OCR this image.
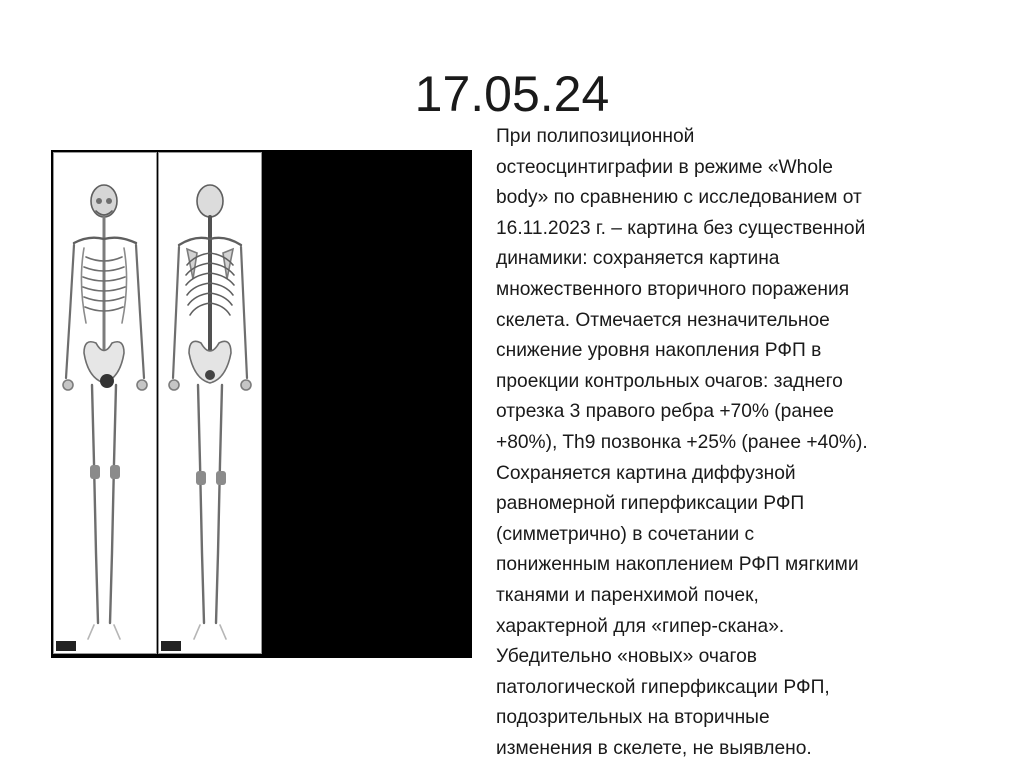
17.05.24

При полипозиционной
остеосцинтиграфии в режиме «Whole
body» по сравнению с исследованием от
16.11.2023 г. – картина без существенной
динамики: сохраняется картина
множественного вторичного поражения
скелета. Отмечается незначительное
снижение уровня накопления РФП в
проекции контрольных очагов: заднего
отрезка 3 правого ребра +70% (ранее
+80%), Th9 позвонка +25% (ранее +40%).
Сохраняется картина диффузной
равномерной гиперфиксации РФП
(симметрично) в сочетании с
пониженным накоплением РФП мягкими
тканями и паренхимой почек,
характерной для «гипер-скана».
Убедительно «новых» очагов
патологической гиперфиксации РФП,
подозрительных на вторичные
изменения в скелете, не выявлено.
